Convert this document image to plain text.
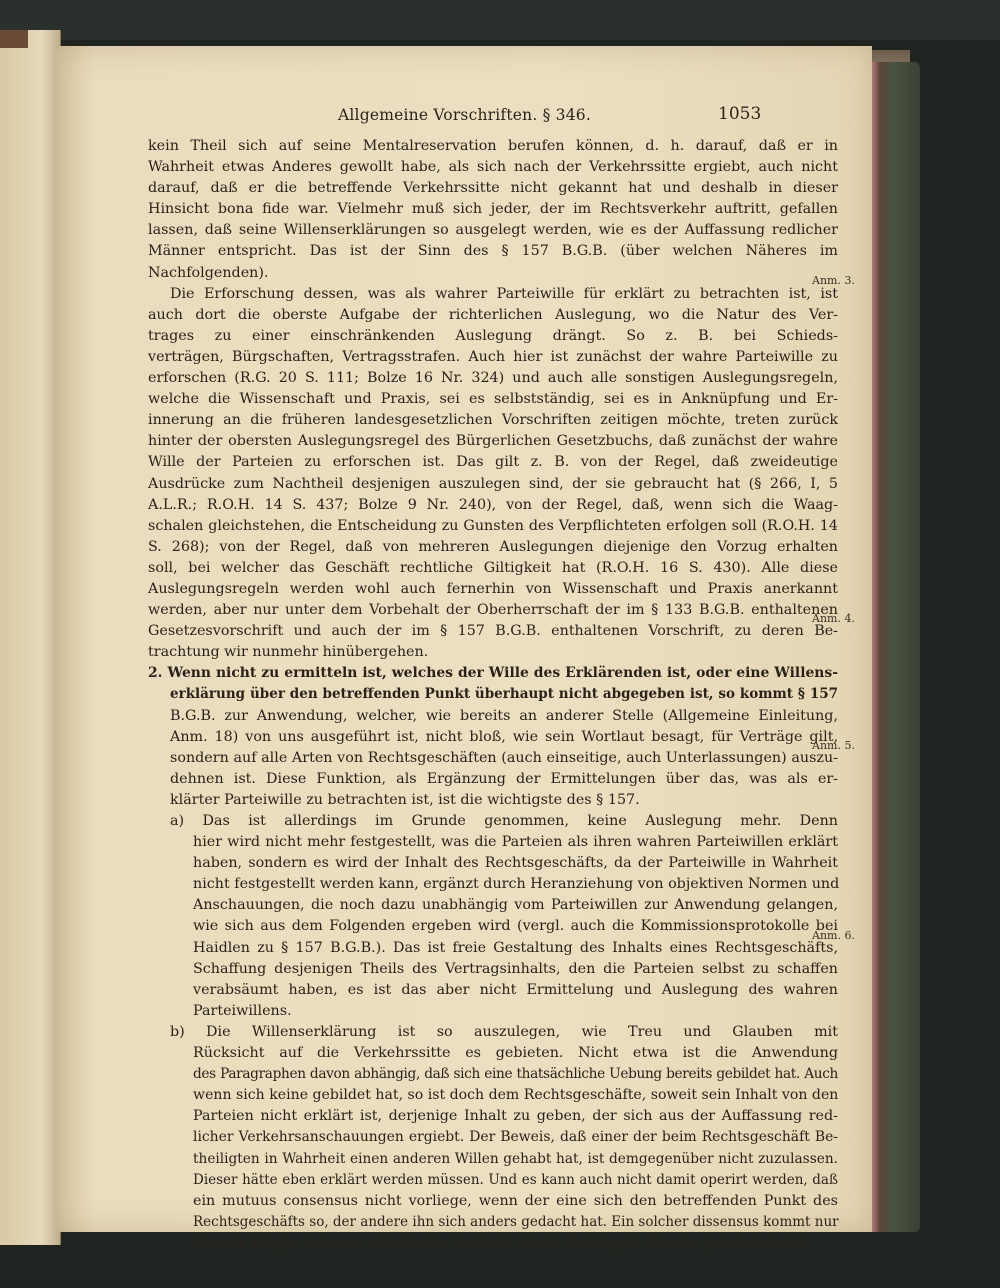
Allgemeine Vorschriften. § 346.	1053
kein Theil sich auf seine Mentalreservation berufen können, d. h. darauf, daß er in
Wahrheit etwas Anderes gewollt habe, als sich nach der Verkehrssitte ergiebt, auch nicht
darauf, daß er die betreffende Verkehrssitte nicht gekannt hat und deshalb in dieser
Hinsicht bona fide war. Vielmehr muß sich jeder, der im Rechtsverkehr auftritt, gefallen
lassen, daß seine Willenserklärungen so ausgelegt werden, wie es der Auffassung redlicher
Männer entspricht. Das ist der Sinn des § 157 B.G.B. (über welchen Näheres im
Nachfolgenden).
Die Erforschung dessen, was als wahrer Parteiwille für erklärt zu betrachten ist, ist
auch dort die oberste Aufgabe der richterlichen Auslegung, wo die Natur des Ver-
trages zu einer einschränkenden Auslegung drängt. So z. B. bei Schieds-
verträgen, Bürgschaften, Vertragsstrafen. Auch hier ist zunächst der wahre Parteiwille zu
erforschen (R.G. 20 S. 111; Bolze 16 Nr. 324) und auch alle sonstigen Auslegungsregeln,
welche die Wissenschaft und Praxis, sei es selbstständig, sei es in Anknüpfung und Er-
innerung an die früheren landesgesetzlichen Vorschriften zeitigen möchte, treten zurück
hinter der obersten Auslegungsregel des Bürgerlichen Gesetzbuchs, daß zunächst der wahre
Wille der Parteien zu erforschen ist. Das gilt z. B. von der Regel, daß zweideutige
Ausdrücke zum Nachtheil desjenigen auszulegen sind, der sie gebraucht hat (§ 266, I, 5
A.L.R.; R.O.H. 14 S. 437; Bolze 9 Nr. 240), von der Regel, daß, wenn sich die Waag-
schalen gleichstehen, die Entscheidung zu Gunsten des Verpflichteten erfolgen soll (R.O.H. 14
S. 268); von der Regel, daß von mehreren Auslegungen diejenige den Vorzug erhalten
soll, bei welcher das Geschäft rechtliche Giltigkeit hat (R.O.H. 16 S. 430). Alle diese
Auslegungsregeln werden wohl auch fernerhin von Wissenschaft und Praxis anerkannt
werden, aber nur unter dem Vorbehalt der Oberherrschaft der im § 133 B.G.B. enthaltenen
Gesetzesvorschrift und auch der im § 157 B.G.B. enthaltenen Vorschrift, zu deren Be-
trachtung wir nunmehr hinübergehen.
2. Wenn nicht zu ermitteln ist, welches der Wille des Erklärenden ist, oder eine Willens-
erklärung über den betreffenden Punkt überhaupt nicht abgegeben ist, so kommt § 157
B.G.B. zur Anwendung, welcher, wie bereits an anderer Stelle (Allgemeine Einleitung,
Anm. 18) von uns ausgeführt ist, nicht bloß, wie sein Wortlaut besagt, für Verträge gilt,
sondern auf alle Arten von Rechtsgeschäften (auch einseitige, auch Unterlassungen) auszu-
dehnen ist. Diese Funktion, als Ergänzung der Ermittelungen über das, was als er-
klärter Parteiwille zu betrachten ist, ist die wichtigste des § 157.
a) Das ist allerdings im Grunde genommen, keine Auslegung mehr. Denn
hier wird nicht mehr festgestellt, was die Parteien als ihren wahren Parteiwillen erklärt
haben, sondern es wird der Inhalt des Rechtsgeschäfts, da der Parteiwille in Wahrheit
nicht festgestellt werden kann, ergänzt durch Heranziehung von objektiven Normen und
Anschauungen, die noch dazu unabhängig vom Parteiwillen zur Anwendung gelangen,
wie sich aus dem Folgenden ergeben wird (vergl. auch die Kommissionsprotokolle bei
Haidlen zu § 157 B.G.B.). Das ist freie Gestaltung des Inhalts eines Rechtsgeschäfts,
Schaffung desjenigen Theils des Vertragsinhalts, den die Parteien selbst zu schaffen
verabsäumt haben, es ist das aber nicht Ermittelung und Auslegung des wahren
Parteiwillens.
b) Die Willenserklärung ist so auszulegen, wie Treu und Glauben mit
Rücksicht auf die Verkehrssitte es gebieten. Nicht etwa ist die Anwendung
des Paragraphen davon abhängig, daß sich eine thatsächliche Uebung bereits gebildet hat. Auch
wenn sich keine gebildet hat, so ist doch dem Rechtsgeschäfte, soweit sein Inhalt von den
Parteien nicht erklärt ist, derjenige Inhalt zu geben, der sich aus der Auffassung red-
licher Verkehrsanschauungen ergiebt. Der Beweis, daß einer der beim Rechtsgeschäft Be-
theiligten in Wahrheit einen anderen Willen gehabt hat, ist demgegenüber nicht zuzulassen.
Dieser hätte eben erklärt werden müssen. Und es kann auch nicht damit operirt werden, daß
ein mutuus consensus nicht vorliege, wenn der eine sich den betreffenden Punkt des
Rechtsgeschäfts so, der andere ihn sich anders gedacht hat. Ein solcher dissensus kommt nur
dann in Frage, wenn es sich darum handelt, ob ein Vertrag zu Stande gekommen ist.
Anm. 3.
Anm. 4.
Anm. 5.
Anm. 6.
